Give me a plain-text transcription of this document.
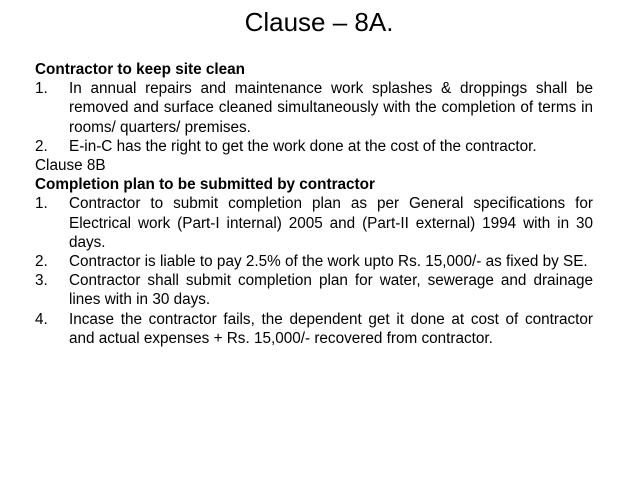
Clause – 8A.

Contractor to keep site clean

1.	In annual repairs and maintenance work splashes & droppings shall be removed and surface cleaned simultaneously with the completion of terms in rooms/ quarters/ premises.
2.	E-in-C has the right to get the work done at the cost of the contractor.

Clause 8B

Completion plan to be submitted by contractor

1.	Contractor to submit completion plan as per General specifications for Electrical work (Part-I internal) 2005 and (Part-II external) 1994 with in 30 days.
2.	Contractor is liable to pay 2.5% of the work upto Rs. 15,000/- as fixed by SE.
3.	Contractor shall submit completion plan for water, sewerage and drainage lines with in 30 days.
4.	Incase the contractor fails, the dependent get it done at cost of contractor and actual expenses + Rs. 15,000/- recovered from contractor.
